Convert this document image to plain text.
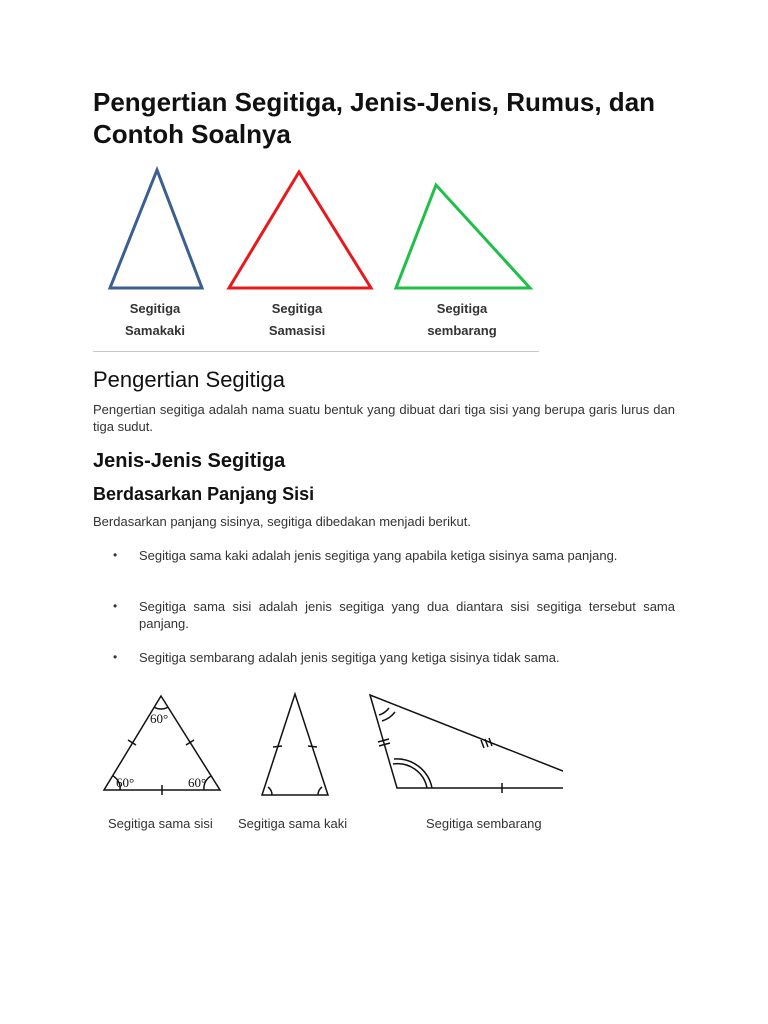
Pengertian Segitiga, Jenis-Jenis, Rumus, dan Contoh Soalnya
Segitiga
Samakaki
Segitiga
Samasisi
Segitiga
sembarang
Pengertian Segitiga
Pengertian segitiga adalah nama suatu bentuk yang dibuat dari tiga sisi yang berupa garis lurus dan tiga sudut.
Jenis-Jenis Segitiga
Berdasarkan Panjang Sisi
Berdasarkan panjang sisinya, segitiga dibedakan menjadi berikut.
• Segitiga sama kaki adalah jenis segitiga yang apabila ketiga sisinya sama panjang.
• Segitiga sama sisi adalah jenis segitiga yang dua diantara sisi segitiga tersebut sama panjang.
• Segitiga sembarang adalah jenis segitiga yang ketiga sisinya tidak sama.
60°
60°	60°
Segitiga sama sisi Segitiga sama kaki	Segitiga sembarang
